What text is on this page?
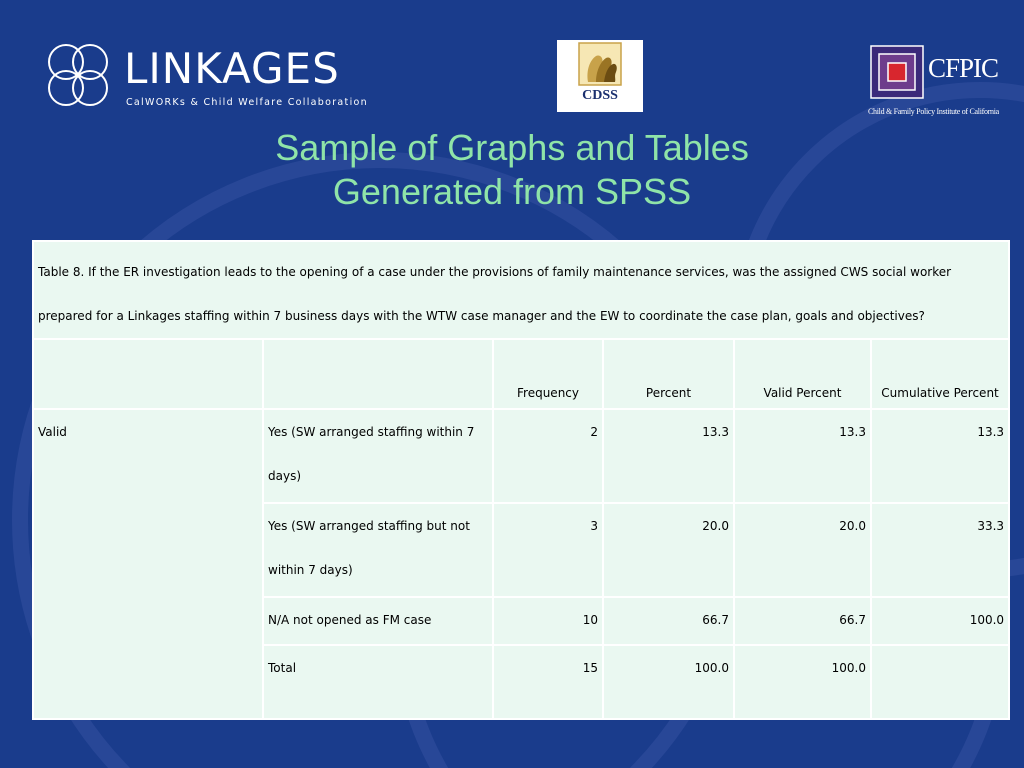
LINKAGES
CalWORKs & Child Welfare Collaboration	CDSS
CFPIC
Child & Family Policy Institute of California
Sample of Graphs and Tables
Generated from SPSS
Table 8. If the ER investigation leads to the opening of a case under the provisions of family maintenance services, was the assigned CWS social worker prepared for a Linkages staffing within 7 business days with the WTW case manager and the EW to coordinate the case plan, goals and objectives?					
		Frequency	Percent	Valid Percent	Cumulative Percent
Valid	Yes (SW arranged staffing within 7 days)	2	13.3	13.3	13.3
	Yes (SW arranged staffing but not within 7 days)	3	20.0	20.0	33.3
	N/A not opened as FM case	10	66.7	66.7	100.0
	Total	15	100.0	100.0	
